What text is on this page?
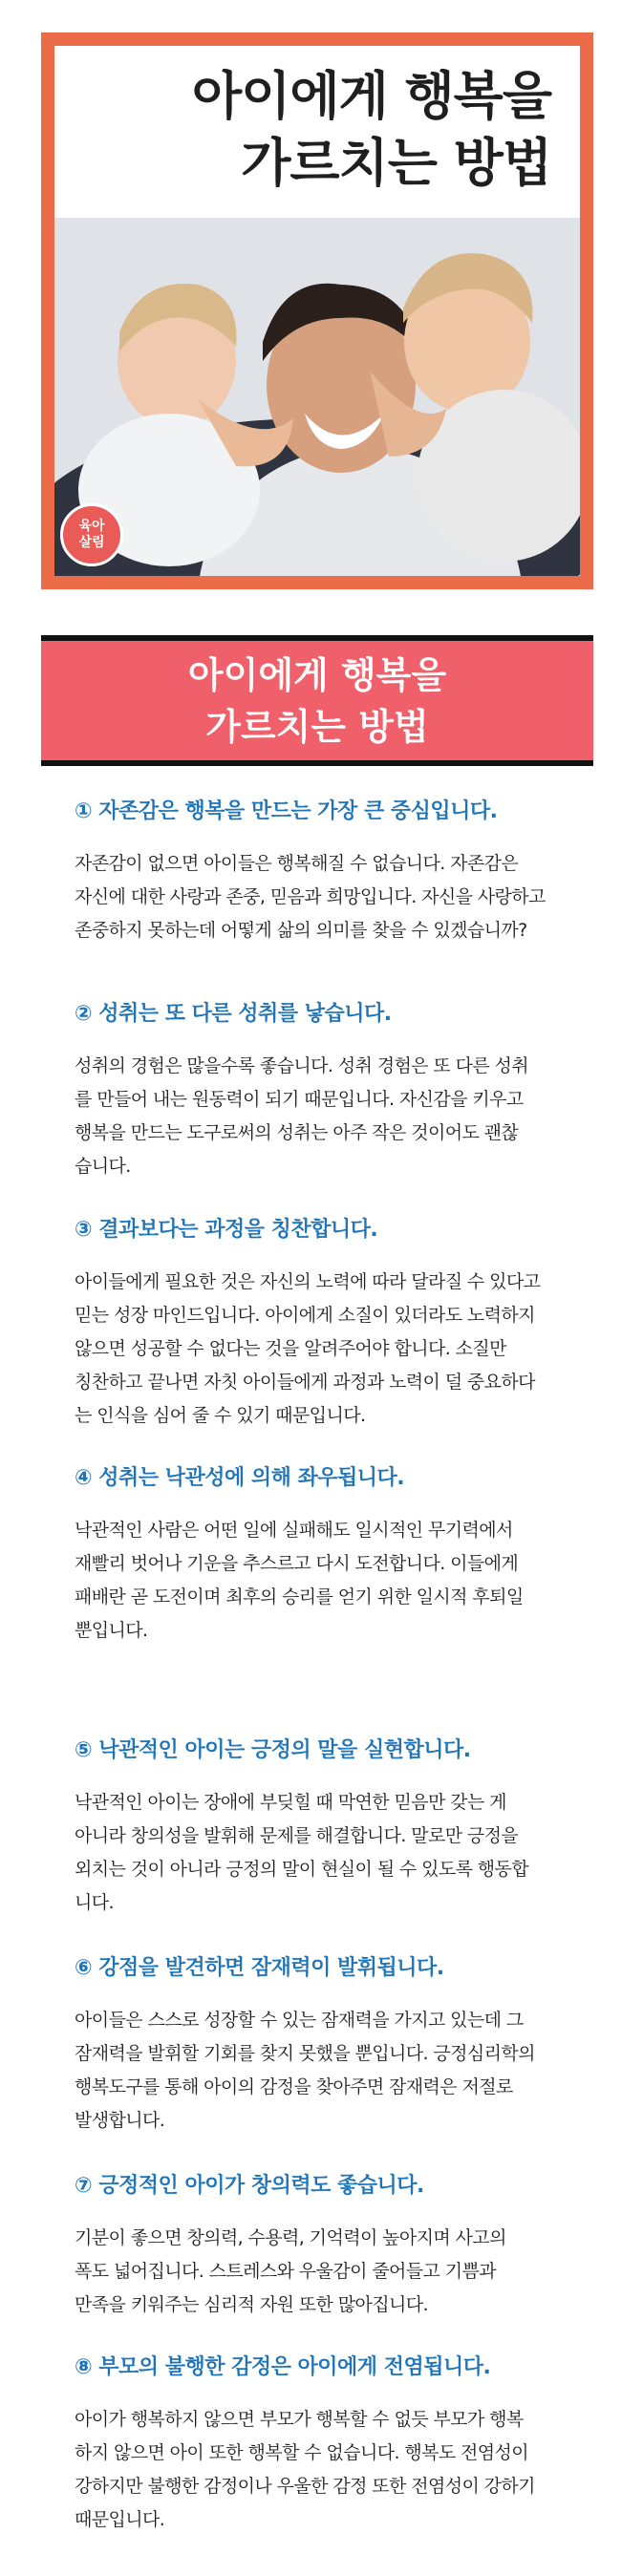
아이에게 행복을
가르치는 방법
육아
살림
아이에게 행복을
가르치는 방법
① 자존감은 행복을 만드는 가장 큰 중심입니다.

자존감이 없으면 아이들은 행복해질 수 없습니다. 자존감은
자신에 대한 사랑과 존중, 믿음과 희망입니다. 자신을 사랑하고
존중하지 못하는데 어떻게 삶의 의미를 찾을 수 있겠습니까?

② 성취는 또 다른 성취를 낳습니다.

성취의 경험은 많을수록 좋습니다. 성취 경험은 또 다른 성취
를 만들어 내는 원동력이 되기 때문입니다. 자신감을 키우고
행복을 만드는 도구로써의 성취는 아주 작은 것이어도 괜찮
습니다.

③ 결과보다는 과정을 칭찬합니다.

아이들에게 필요한 것은 자신의 노력에 따라 달라질 수 있다고
믿는 성장 마인드입니다. 아이에게 소질이 있더라도 노력하지
않으면 성공할 수 없다는 것을 알려주어야 합니다. 소질만
칭찬하고 끝나면 자칫 아이들에게 과정과 노력이 덜 중요하다
는 인식을 심어 줄 수 있기 때문입니다.

④ 성취는 낙관성에 의해 좌우됩니다.

낙관적인 사람은 어떤 일에 실패해도 일시적인 무기력에서
재빨리 벗어나 기운을 추스르고 다시 도전합니다. 이들에게
패배란 곧 도전이며 최후의 승리를 얻기 위한 일시적 후퇴일
뿐입니다.

⑤ 낙관적인 아이는 긍정의 말을 실현합니다.

낙관적인 아이는 장애에 부딪힐 때 막연한 믿음만 갖는 게
아니라 창의성을 발휘해 문제를 해결합니다. 말로만 긍정을
외치는 것이 아니라 긍정의 말이 현실이 될 수 있도록 행동합
니다.

⑥ 강점을 발견하면 잠재력이 발휘됩니다.

아이들은 스스로 성장할 수 있는 잠재력을 가지고 있는데 그
잠재력을 발휘할 기회를 찾지 못했을 뿐입니다. 긍정심리학의
행복도구를 통해 아이의 감정을 찾아주면 잠재력은 저절로
발생합니다.

⑦ 긍정적인 아이가 창의력도 좋습니다.

기분이 좋으면 창의력, 수용력, 기억력이 높아지며 사고의
폭도 넓어집니다. 스트레스와 우울감이 줄어들고 기쁨과
만족을 키워주는 심리적 자원 또한 많아집니다.

⑧ 부모의 불행한 감정은 아이에게 전염됩니다.

아이가 행복하지 않으면 부모가 행복할 수 없듯 부모가 행복
하지 않으면 아이 또한 행복할 수 없습니다. 행복도 전염성이
강하지만 불행한 감정이나 우울한 감정 또한 전염성이 강하기
때문입니다.
